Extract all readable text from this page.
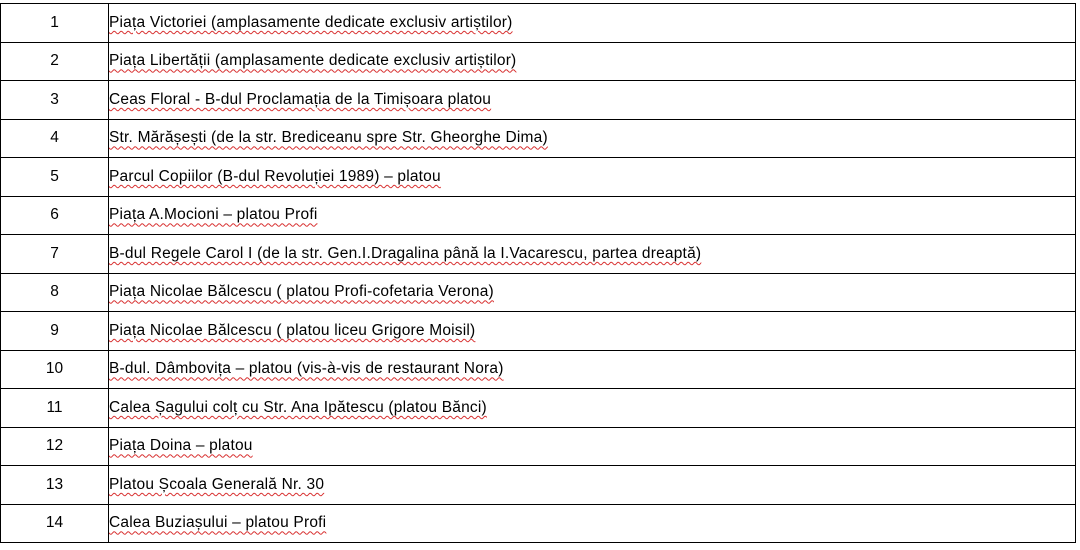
1	Piața Victoriei (amplasamente dedicate exclusiv artiștilor)
2	Piața Libertății (amplasamente dedicate exclusiv artiștilor)
3	Ceas Floral - B-dul Proclamația de la Timișoara platou
4	Str. Mărășești (de la str. Brediceanu spre Str. Gheorghe Dima)
5	Parcul Copiilor (B-dul Revoluției 1989) – platou
6	Piața A.Mocioni – platou Profi
7	B-dul Regele Carol I (de la str. Gen.I.Dragalina până la I.Vacarescu, partea dreaptă)
8	Piața Nicolae Bălcescu ( platou Profi-cofetaria Verona)
9	Piața Nicolae Bălcescu ( platou liceu Grigore Moisil)
10	B-dul. Dâmbovița – platou (vis-à-vis de restaurant Nora)
11	Calea Șagului colț cu Str. Ana Ipătescu (platou Bănci)
12	Piața Doina – platou
13	Platou Școala Generală Nr. 30
14	Calea Buziașului – platou Profi
